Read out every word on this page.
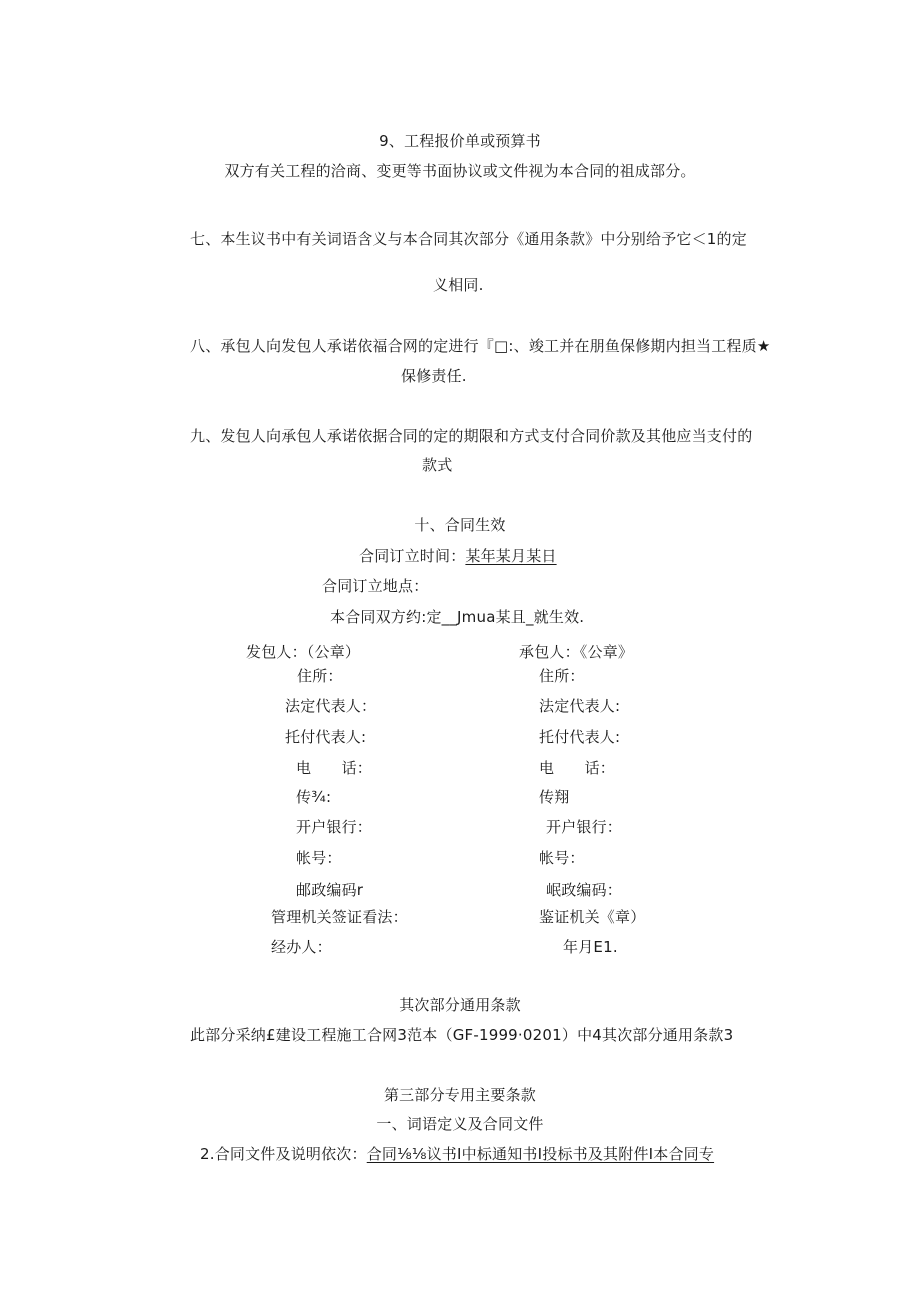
9、工程报价单或预算书
双方有关工程的洽商、变更等书面协议或文件视为本合同的祖成部分。
七、本生议书中有关词语含义与本合同其次部分《通用条款》中分别给予它＜1的定
义相同.
八、承包人向发包人承诺依福合网的定进行『□:、竣工并在朋鱼保修期内担当工程质★
保修责任.
九、发包人向承包人承诺依据合同的定的期限和方式支付合同价款及其他应当支付的
款式
十、合同生效
合同订立时间：某年某月某日
合同订立地点：
本合同双方约:定__Jmua某且_就生效.
发包人：（公章）
住所：
法定代表人：
托付代表人:
电　　话：
传¾:
开户银行：
帐号：
邮政编码r
管理机关签证看法：
经办人：
承包人：《公章》
住所：
法定代表人:
托付代表人:
电　　话：
传翔
开户银行：
帐号：
岷政编码：
鉴证机关《章）
年月E1.
其次部分通用条款
此部分采纳£建设工程施工合网3范本（GF-1999·0201）中4其次部分通用条款3
第三部分专用主要条款
一、词语定义及合同文件
2.合同文件及说明依次：合同⅛⅛议书I中标通知书I投标书及其附件I本合同专
